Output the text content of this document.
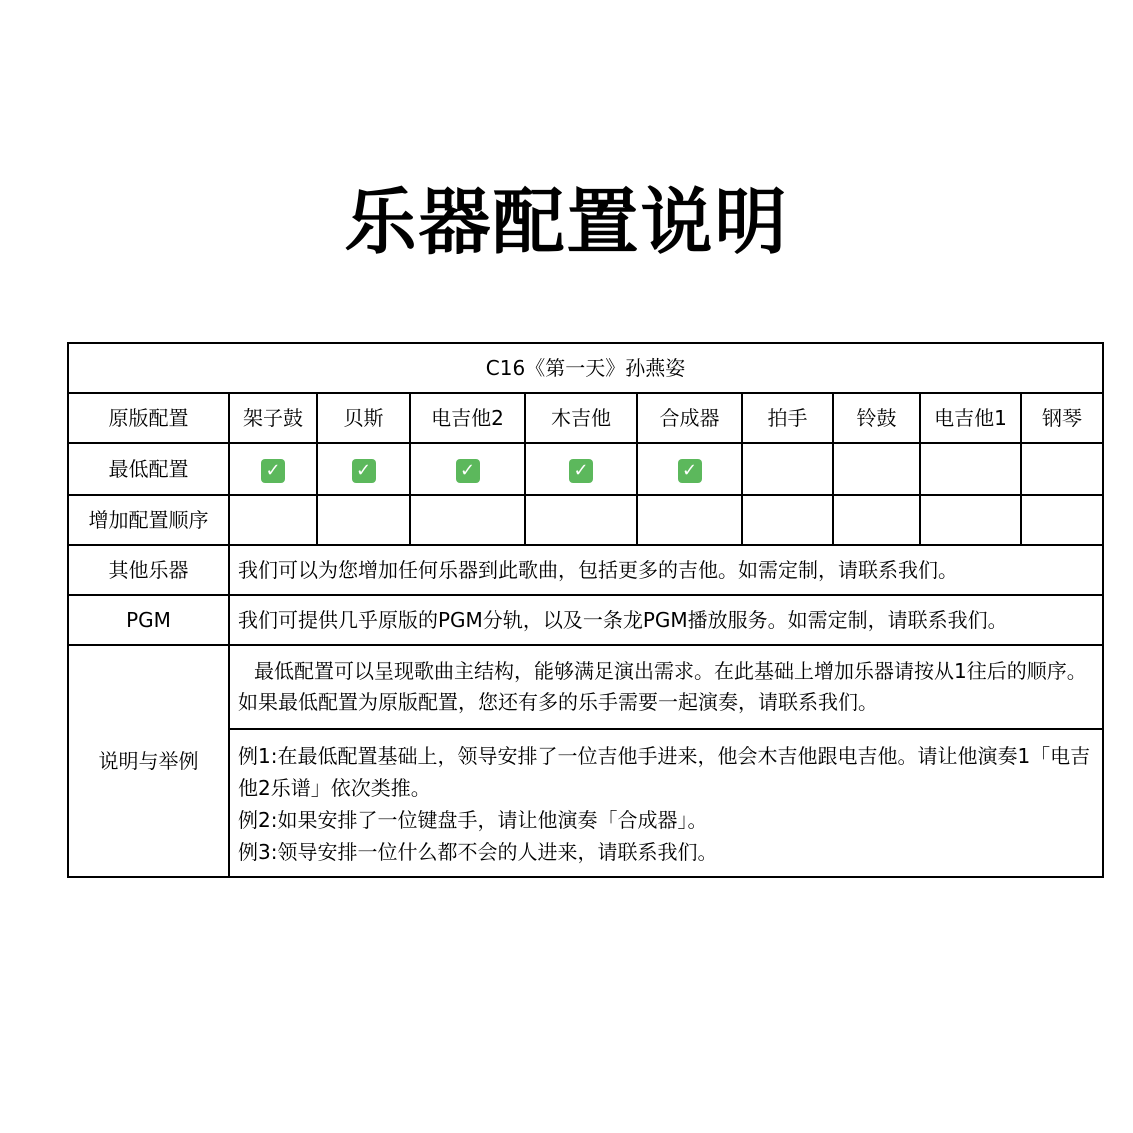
乐器配置说明
C16《第一天》孙燕姿									
原版配置	架子鼓	贝斯	电吉他2	木吉他	合成器	拍手	铃鼓	电吉他1	钢琴
最低配置	✓	✓	✓	✓	✓				
增加配置顺序									
其他乐器	我们可以为您增加任何乐器到此歌曲，包括更多的吉他。如需定制，请联系我们。								
PGM	我们可提供几乎原版的PGM分轨，以及一条龙PGM播放服务。如需定制，请联系我们。								
说明与举例	最低配置可以呈现歌曲主结构，能够满足演出需求。在此基础上增加乐器请按从1往后的顺序。如果最低配置为原版配置，您还有多的乐手需要一起演奏，请联系我们。
例1:在最低配置基础上，领导安排了一位吉他手进来，他会木吉他跟电吉他。请让他演奏1「电吉他2乐谱」依次类推。
例2:如果安排了一位键盘手，请让他演奏「合成器」。
例3:领导安排一位什么都不会的人进来，请联系我们。								
